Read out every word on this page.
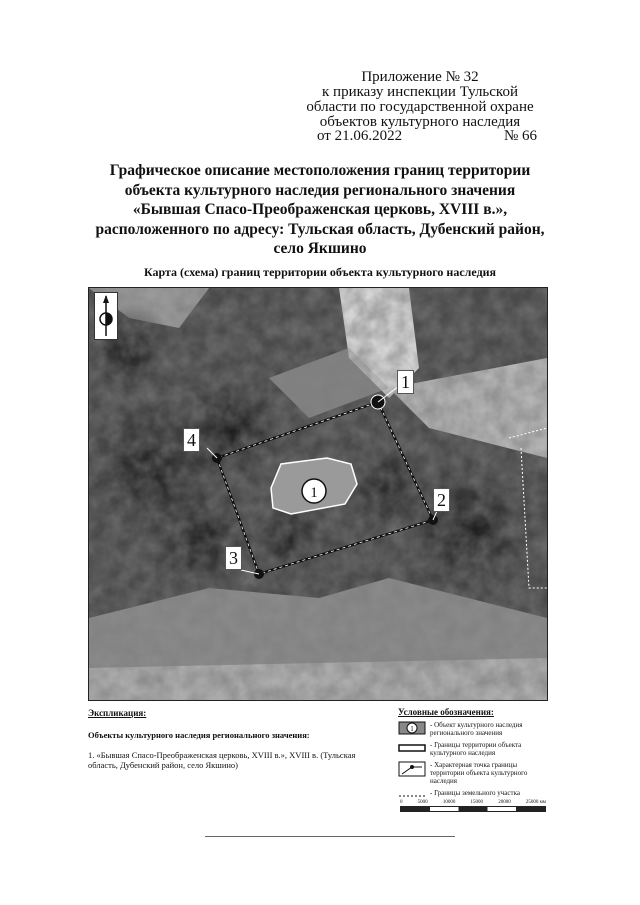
Приложение № 32
к приказу инспекции Тульской
области по государственной охране
объектов культурного наследия
от 21.06.2022	№ 66
Графическое описание местоположения границ территории
объекта культурного наследия регионального значения
«Бывшая Спасо-Преображенская церковь, XVIII в.»,
расположенного по адресу: Тульская область, Дубенский район,
село Якшино
Карта (схема) границ территории объекта культурного наследия
1
1
2
3
4
Экспликация:
Объекты культурного наследия регионального значения:
1. «Бывшая Спасо-Преображенская церковь, XVIII в.», XVIII в. (Тульская область, Дубенский район, село Якшино)
Условные обозначения:
1 - Объект культурного наследия регионального значения
- Границы территории объекта культурного наследия
- Характерная точка границы территории объекта культурного наследия
- Границы земельного участка
0	5000	10000	15000	20000	25000 мм
